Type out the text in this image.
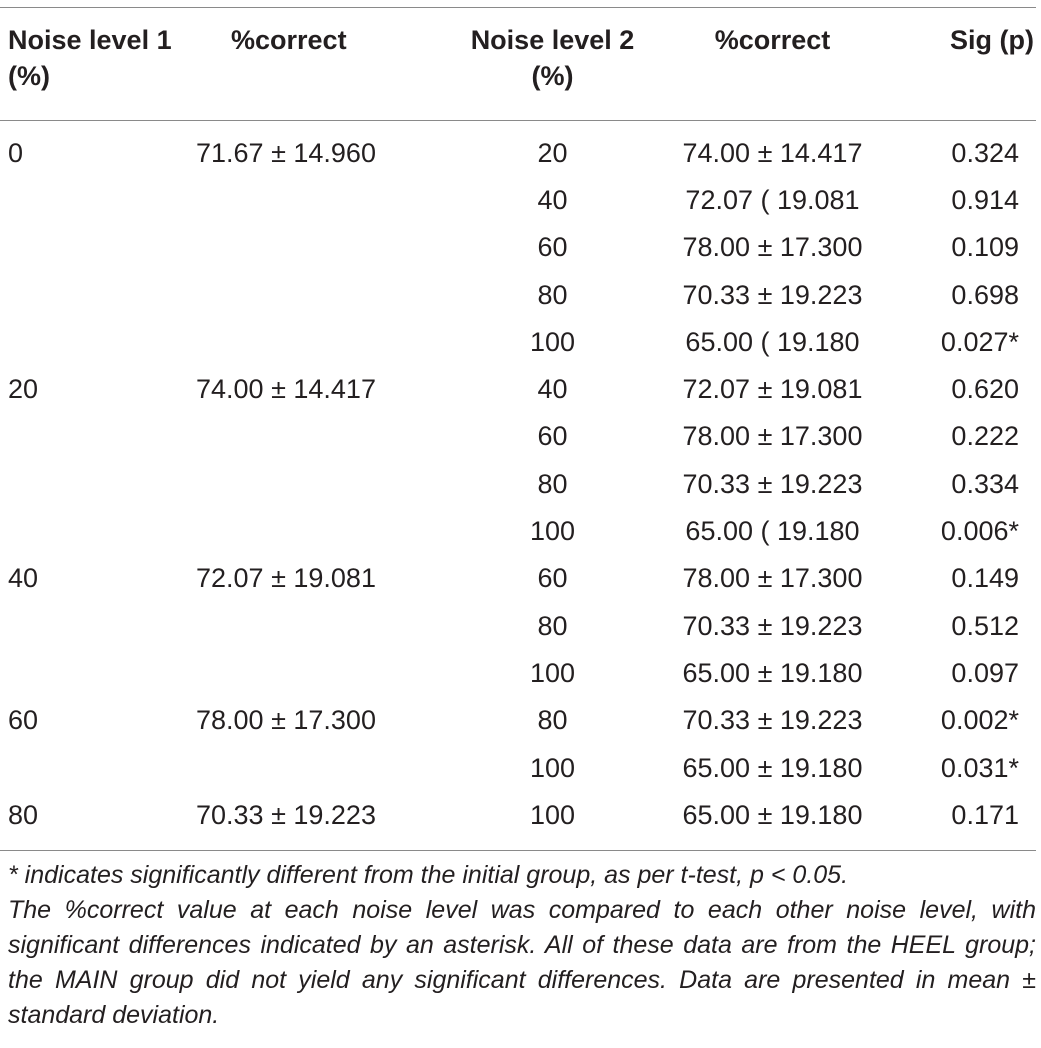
Noise level 1 (%)	%correct	Noise level 2 (%)	%correct	Sig (p)
0	71.67 ± 14.960	20	74.00 ± 14.417	0.324
		40	72.07 ( 19.081	0.914
		60	78.00 ± 17.300	0.109
		80	70.33 ± 19.223	0.698
		100	65.00 ( 19.180	0.027*
20	74.00 ± 14.417	40	72.07 ± 19.081	0.620
		60	78.00 ± 17.300	0.222
		80	70.33 ± 19.223	0.334
		100	65.00 ( 19.180	0.006*
40	72.07 ± 19.081	60	78.00 ± 17.300	0.149
		80	70.33 ± 19.223	0.512
		100	65.00 ± 19.180	0.097
60	78.00 ± 17.300	80	70.33 ± 19.223	0.002*
		100	65.00 ± 19.180	0.031*
80	70.33 ± 19.223	100	65.00 ± 19.180	0.171

* indicates significantly different from the initial group, as per t-test, p < 0.05.

The %correct value at each noise level was compared to each other noise level, with significant differences indicated by an asterisk. All of these data are from the HEEL group; the MAIN group did not yield any significant differences. Data are presented in mean ± standard deviation.
